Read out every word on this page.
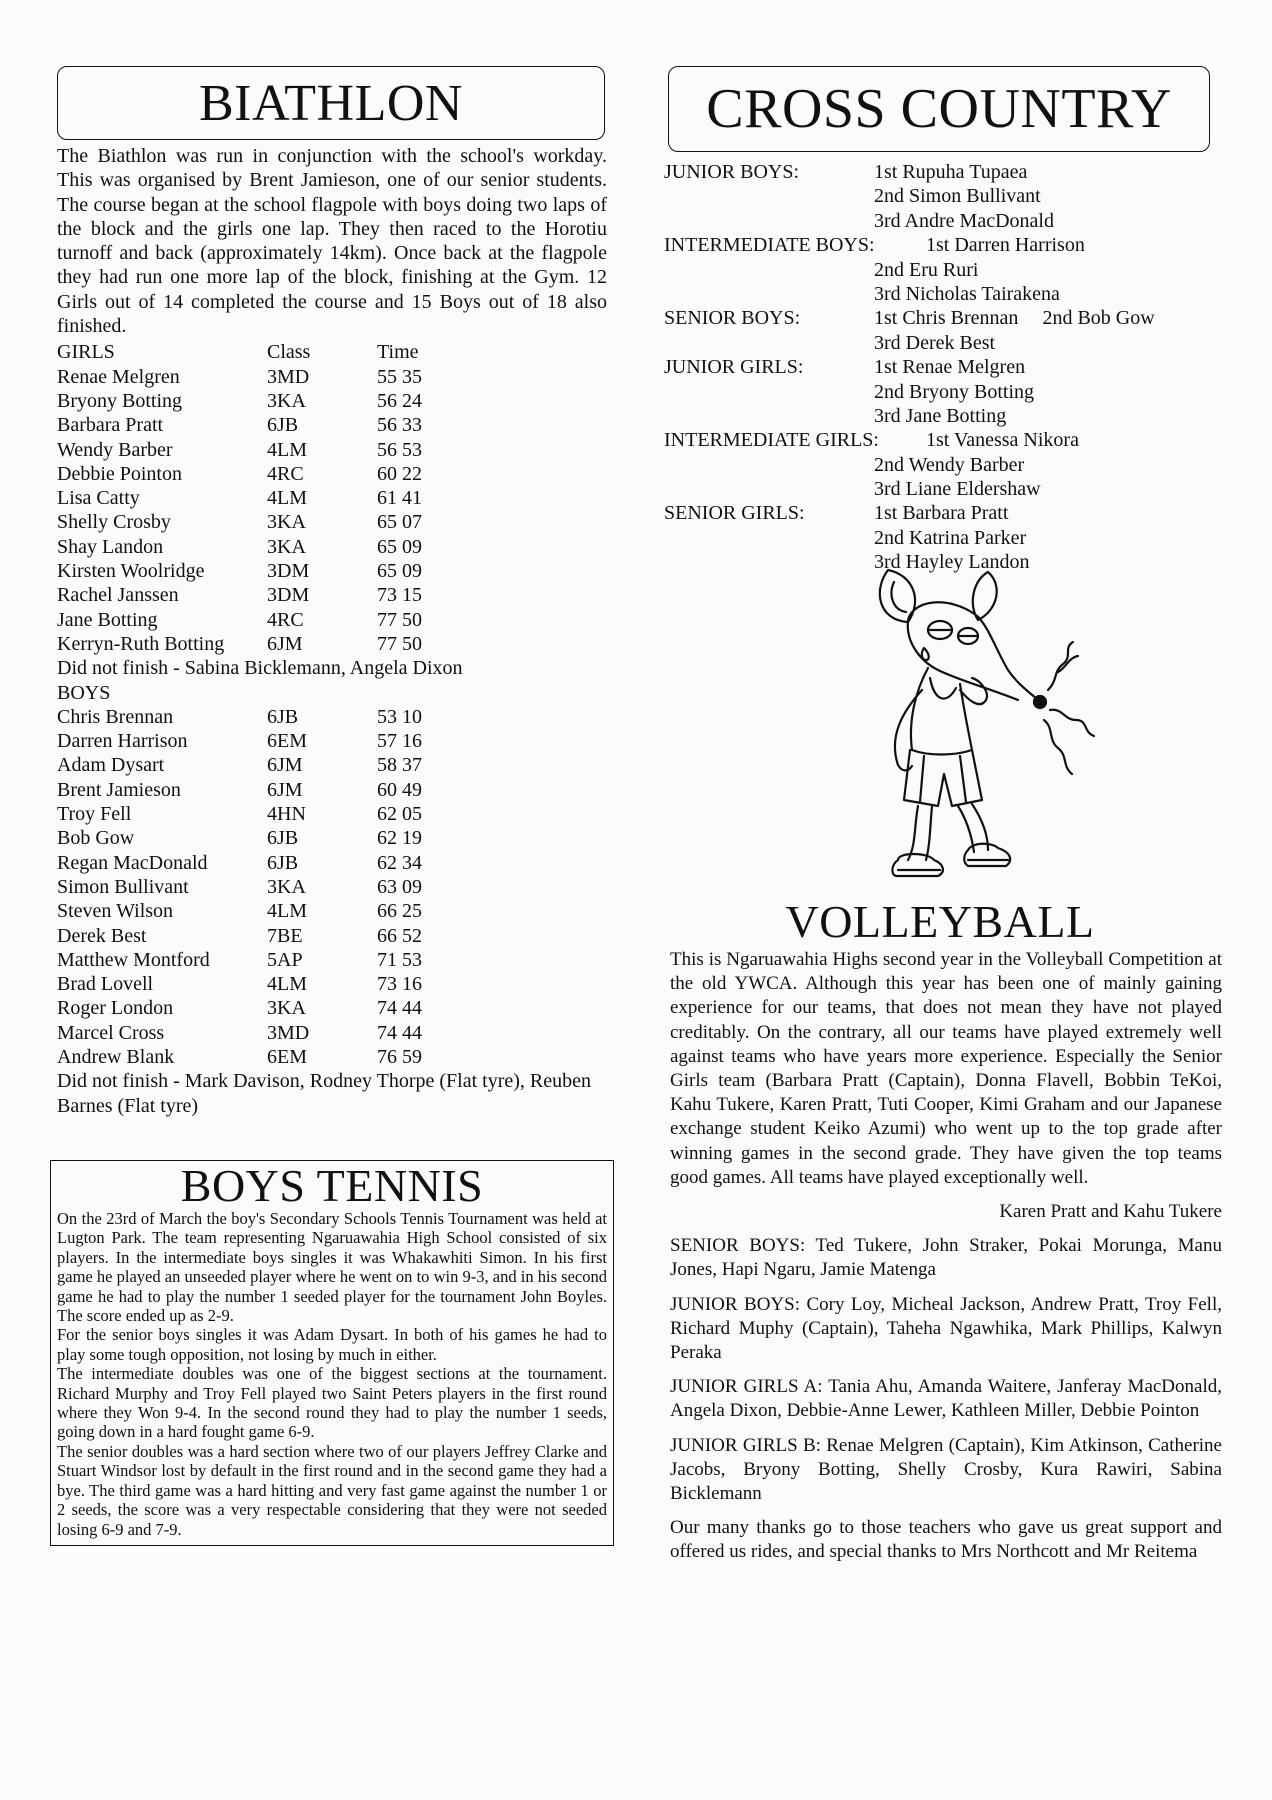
BIATHLON

The Biathlon was run in conjunction with the school's workday. This was organised by Brent Jamieson, one of our senior students. The course began at the school flagpole with boys doing two laps of the block and the girls one lap. They then raced to the Horotiu turnoff and back (approximately 14km). Once back at the flagpole they had run one more lap of the block, finishing at the Gym. 12 Girls out of 14 completed the course and 15 Boys out of 18 also finished.

GIRLS	Class	Time
Renae Melgren	3MD	55 35
Bryony Botting	3KA	56 24
Barbara Pratt	6JB	56 33
Wendy Barber	4LM	56 53
Debbie Pointon	4RC	60 22
Lisa Catty	4LM	61 41
Shelly Crosby	3KA	65 07
Shay Landon	3KA	65 09
Kirsten Woolridge	3DM	65 09
Rachel Janssen	3DM	73 15
Jane Botting	4RC	77 50
Kerryn-Ruth Botting	6JM	77 50
Did not finish - Sabina Bicklemann, Angela Dixon
BOYS
Chris Brennan	6JB	53 10
Darren Harrison	6EM	57 16
Adam Dysart	6JM	58 37
Brent Jamieson	6JM	60 49
Troy Fell	4HN	62 05
Bob Gow	6JB	62 19
Regan MacDonald	6JB	62 34
Simon Bullivant	3KA	63 09
Steven Wilson	4LM	66 25
Derek Best	7BE	66 52
Matthew Montford	5AP	71 53
Brad Lovell	4LM	73 16
Roger London	3KA	74 44
Marcel Cross	3MD	74 44
Andrew Blank	6EM	76 59
Did not finish - Mark Davison, Rodney Thorpe (Flat tyre), Reuben Barnes (Flat tyre)
BOYS TENNIS

On the 23rd of March the boy's Secondary Schools Tennis Tournament was held at Lugton Park. The team representing Ngaruawahia High School consisted of six players. In the intermediate boys singles it was Whakawhiti Simon. In his first game he played an unseeded player where he went on to win 9-3, and in his second game he had to play the number 1 seeded player for the tournament John Boyles. The score ended up as 2-9.

For the senior boys singles it was Adam Dysart. In both of his games he had to play some tough opposition, not losing by much in either.

The intermediate doubles was one of the biggest sections at the tournament. Richard Murphy and Troy Fell played two Saint Peters players in the first round where they Won 9-4. In the second round they had to play the number 1 seeds, going down in a hard fought game 6-9.

The senior doubles was a hard section where two of our players Jeffrey Clarke and Stuart Windsor lost by default in the first round and in the second game they had a bye. The third game was a hard hitting and very fast game against the number 1 or 2 seeds, the score was a very respectable considering that they were not seeded losing 6-9 and 7-9.

CROSS COUNTRY
JUNIOR BOYS:	1st Rupuha Tupaea
2nd Simon Bullivant
3rd Andre MacDonald
INTERMEDIATE BOYS:	1st Darren Harrison
2nd Eru Ruri
3rd Nicholas Tairakena
SENIOR BOYS:	1st Chris Brennan 2nd Bob Gow
3rd Derek Best
JUNIOR GIRLS:	1st Renae Melgren
2nd Bryony Botting
3rd Jane Botting
INTERMEDIATE GIRLS:	1st Vanessa Nikora
2nd Wendy Barber
3rd Liane Eldershaw
SENIOR GIRLS:	1st Barbara Pratt
2nd Katrina Parker
3rd Hayley Landon
VOLLEYBALL

This is Ngaruawahia Highs second year in the Volleyball Competition at the old YWCA. Although this year has been one of mainly gaining experience for our teams, that does not mean they have not played creditably. On the contrary, all our teams have played extremely well against teams who have years more experience. Especially the Senior Girls team (Barbara Pratt (Captain), Donna Flavell, Bobbin TeKoi, Kahu Tukere, Karen Pratt, Tuti Cooper, Kimi Graham and our Japanese exchange student Keiko Azumi) who went up to the top grade after winning games in the second grade. They have given the top teams good games. All teams have played exceptionally well.

Karen Pratt and Kahu Tukere

SENIOR BOYS: Ted Tukere, John Straker, Pokai Morunga, Manu Jones, Hapi Ngaru, Jamie Matenga

JUNIOR BOYS: Cory Loy, Micheal Jackson, Andrew Pratt, Troy Fell, Richard Muphy (Captain), Taheha Ngawhika, Mark Phillips, Kalwyn Peraka

JUNIOR GIRLS A: Tania Ahu, Amanda Waitere, Janferay MacDonald, Angela Dixon, Debbie-Anne Lewer, Kathleen Miller, Debbie Pointon

JUNIOR GIRLS B: Renae Melgren (Captain), Kim Atkinson, Catherine Jacobs, Bryony Botting, Shelly Crosby, Kura Rawiri, Sabina Bicklemann

Our many thanks go to those teachers who gave us great support and offered us rides, and special thanks to Mrs Northcott and Mr Reitema
